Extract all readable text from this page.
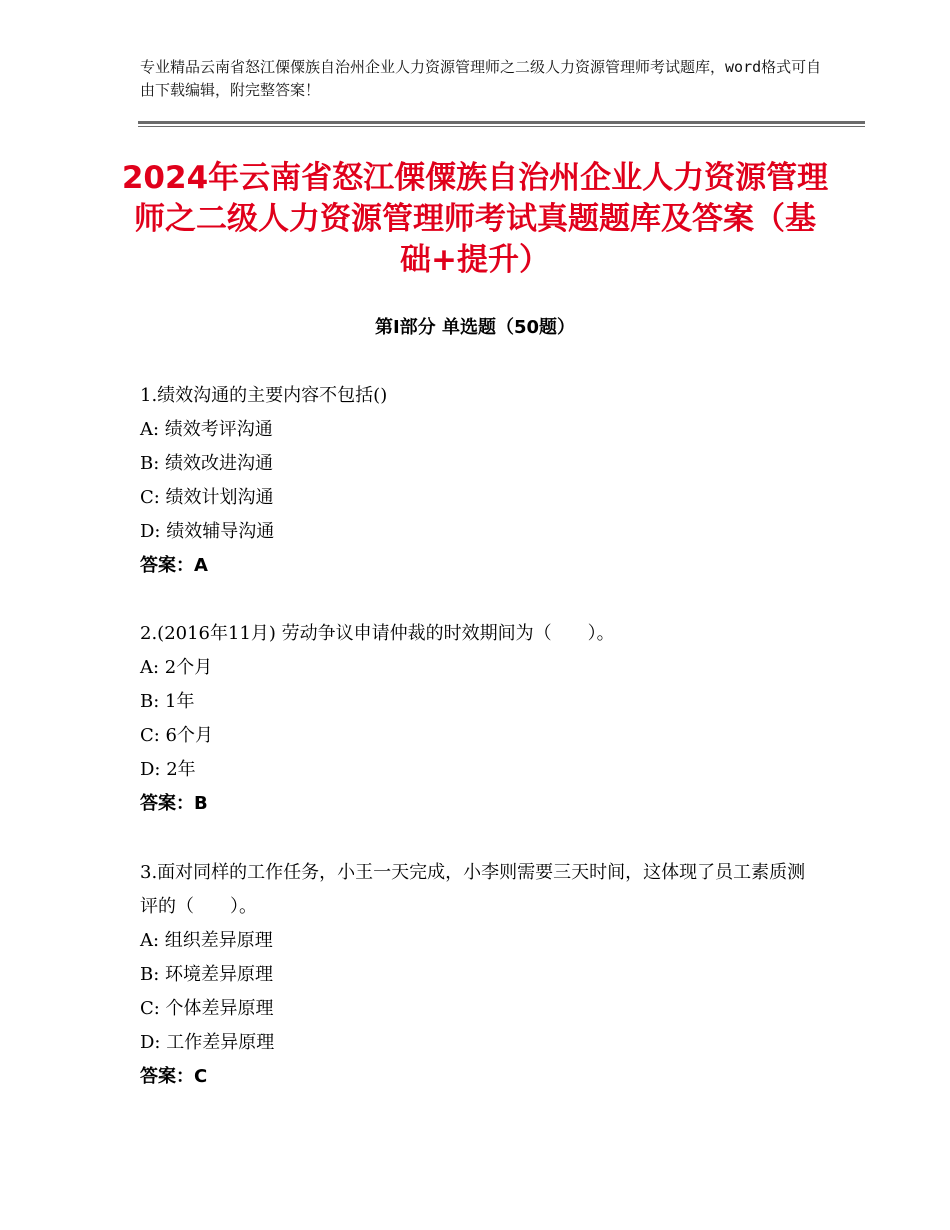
专业精品云南省怒江傈僳族自治州企业人力资源管理师之二级人力资源管理师考试题库，word格式可自由下载编辑，附完整答案！
2024年云南省怒江傈僳族自治州企业人力资源管理师之二级人力资源管理师考试真题题库及答案（基础+提升）
第Ⅰ部分 单选题（50题）
1.绩效沟通的主要内容不包括()
A: 绩效考评沟通
B: 绩效改进沟通
C: 绩效计划沟通
D: 绩效辅导沟通
答案：A
2.(2016年11月) 劳动争议申请仲裁的时效期间为（　　）。
A: 2个月
B: 1年
C: 6个月
D: 2年
答案：B
3.面对同样的工作任务，小王一天完成，小李则需要三天时间，这体现了员工素质测评的（　　）。
A: 组织差异原理
B: 环境差异原理
C: 个体差异原理
D: 工作差异原理
答案：C
